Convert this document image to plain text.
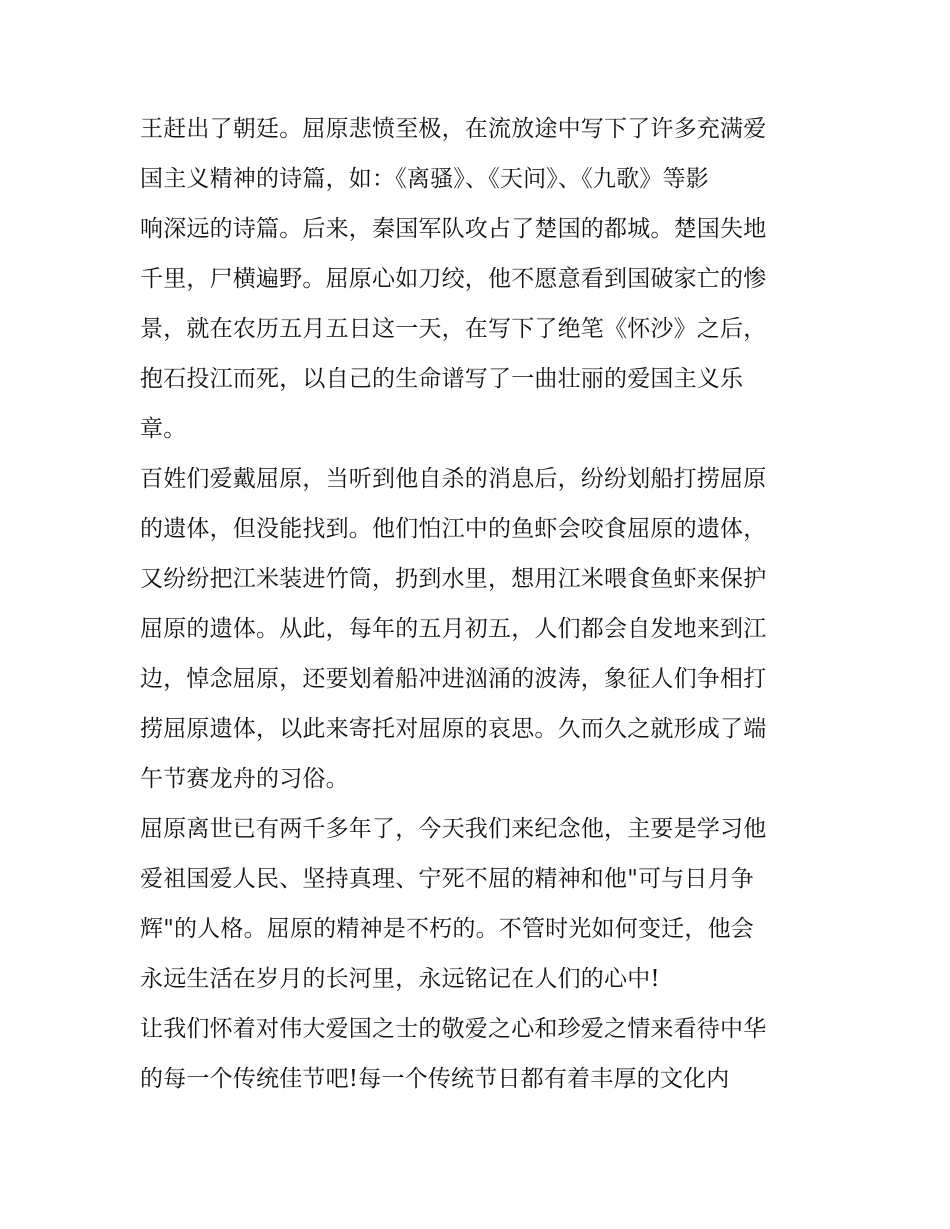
王赶出了朝廷。屈原悲愤至极，在流放途中写下了许多充满爱
国主义精神的诗篇，如：《离骚》、《天问》、《九歌》等影
响深远的诗篇。后来，秦国军队攻占了楚国的都城。楚国失地
千里，尸横遍野。屈原心如刀绞，他不愿意看到国破家亡的惨
景，就在农历五月五日这一天，在写下了绝笔《怀沙》之后，
抱石投江而死，以自己的生命谱写了一曲壮丽的爱国主义乐
章。
百姓们爱戴屈原，当听到他自杀的消息后，纷纷划船打捞屈原
的遗体，但没能找到。他们怕江中的鱼虾会咬食屈原的遗体，
又纷纷把江米装进竹筒，扔到水里，想用江米喂食鱼虾来保护
屈原的遗体。从此，每年的五月初五，人们都会自发地来到江
边，悼念屈原，还要划着船冲进汹涌的波涛，象征人们争相打
捞屈原遗体，以此来寄托对屈原的哀思。久而久之就形成了端
午节赛龙舟的习俗。
屈原离世已有两千多年了，今天我们来纪念他，主要是学习他
爱祖国爱人民、坚持真理、宁死不屈的精神和他"可与日月争
辉"的人格。屈原的精神是不朽的。不管时光如何变迁，他会
永远生活在岁月的长河里，永远铭记在人们的心中!
让我们怀着对伟大爱国之士的敬爱之心和珍爱之情来看待中华
的每一个传统佳节吧!每一个传统节日都有着丰厚的文化内
